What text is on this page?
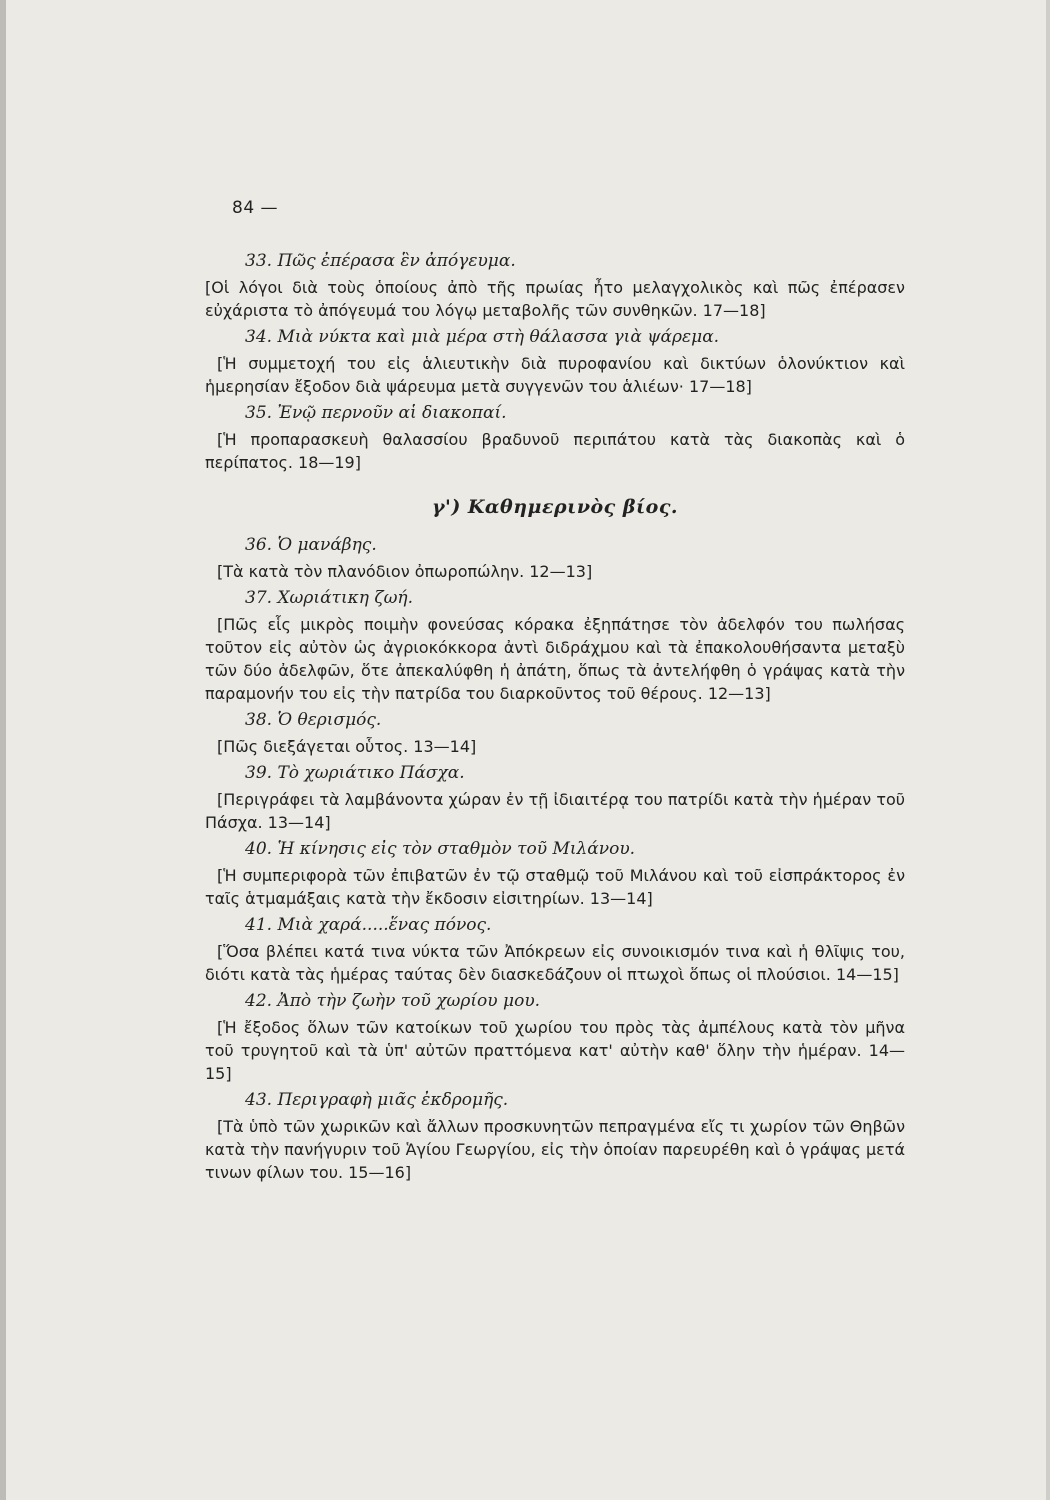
84 —

33. Πῶς ἐπέρασα ἓν ἀπόγευμα.

[Οἱ λόγοι διὰ τοὺς ὁποίους ἀπὸ τῆς πρωίας ἦτο μελαγχολικὸς καὶ πῶς ἐπέρασεν εὐχάριστα τὸ ἀπόγευμά του λόγῳ μεταβολῆς τῶν συνθηκῶν. 17—18]

34. Μιὰ νύκτα καὶ μιὰ μέρα στὴ θάλασσα γιὰ ψάρεμα.

[Ἡ συμμετοχή του εἰς ἁλιευτικὴν διὰ πυροφανίου καὶ δικτύων ὁλονύκτιον καὶ ἡμερησίαν ἔξοδον διὰ ψάρευμα μετὰ συγγενῶν του ἁλιέων· 17—18]

35. Ἐνῷ περνοῦν αἱ διακοπαί.

[Ἡ προπαρασκευὴ θαλασσίου βραδυνοῦ περιπάτου κατὰ τὰς διακοπὰς καὶ ὁ περίπατος. 18—19]

γ') Καθημερινὸς βίος.

36. Ὁ μανάβης.

[Τὰ κατὰ τὸν πλανόδιον ὀπωροπώλην. 12—13]

37. Χωριάτικη ζωή.

[Πῶς εἷς μικρὸς ποιμὴν φονεύσας κόρακα ἐξηπάτησε τὸν ἀδελφόν του πωλήσας τοῦτον εἰς αὐτὸν ὡς ἀγριοκόκκορα ἀντὶ διδράχμου καὶ τὰ ἐπακολουθήσαντα μεταξὺ τῶν δύο ἀδελφῶν, ὅτε ἀπεκαλύφθη ἡ ἀπάτη, ὅπως τὰ ἀντελήφθη ὁ γράψας κατὰ τὴν παραμονήν του εἰς τὴν πατρίδα του διαρκοῦντος τοῦ θέρους. 12—13]

38. Ὁ θερισμός.

[Πῶς διεξάγεται οὗτος. 13—14]

39. Τὸ χωριάτικο Πάσχα.

[Περιγράφει τὰ λαμβάνοντα χώραν ἐν τῇ ἰδιαιτέρᾳ του πατρίδι κατὰ τὴν ἡμέραν τοῦ Πάσχα. 13—14]

40. Ἡ κίνησις εἰς τὸν σταθμὸν τοῦ Μιλάνου.

[Ἡ συμπεριφορὰ τῶν ἐπιβατῶν ἐν τῷ σταθμῷ τοῦ Μιλάνου καὶ τοῦ εἰσπράκτορος ἐν ταῖς ἁτμαμάξαις κατὰ τὴν ἔκδοσιν εἰσιτηρίων. 13—14]

41. Μιὰ χαρά.....ἕνας πόνος.

[Ὅσα βλέπει κατά τινα νύκτα τῶν Ἀπόκρεων εἰς συνοικισμόν τινα καὶ ἡ θλῖψις του, διότι κατὰ τὰς ἡμέρας ταύτας δὲν διασκεδάζουν οἱ πτωχοὶ ὅπως οἱ πλούσιοι. 14—15]

42. Ἀπὸ τὴν ζωὴν τοῦ χωρίου μου.

[Ἡ ἔξοδος ὅλων τῶν κατοίκων τοῦ χωρίου του πρὸς τὰς ἀμπέλους κατὰ τὸν μῆνα τοῦ τρυγητοῦ καὶ τὰ ὑπ' αὐτῶν πραττόμενα κατ' αὐτὴν καθ' ὅλην τὴν ἡμέραν. 14—15]

43. Περιγραφὴ μιᾶς ἐκδρομῆς.

[Τὰ ὑπὸ τῶν χωρικῶν καὶ ἄλλων προσκυνητῶν πεπραγμένα εἴς τι χωρίον τῶν Θηβῶν κατὰ τὴν πανήγυριν τοῦ Ἁγίου Γεωργίου, εἰς τὴν ὁποίαν παρευρέθη καὶ ὁ γράψας μετά τινων φίλων του. 15—16]
